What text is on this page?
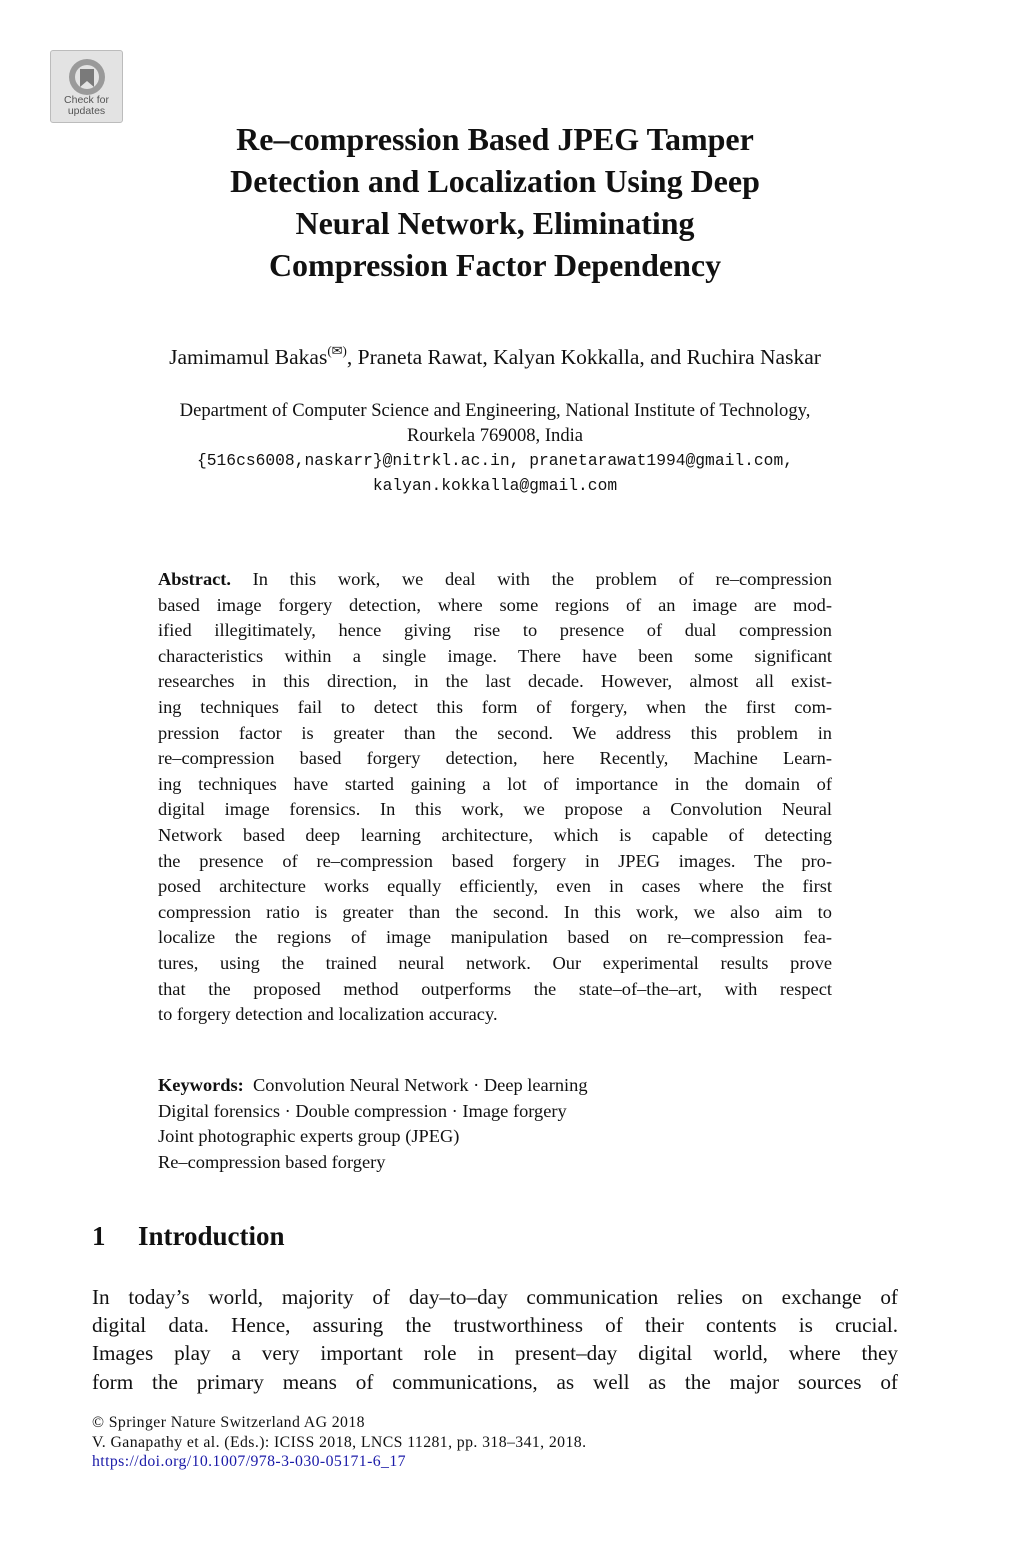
Check for
updates
Re–compression Based JPEG Tamper
Detection and Localization Using Deep
Neural Network, Eliminating
Compression Factor Dependency
Jamimamul Bakas(✉), Praneta Rawat, Kalyan Kokkalla, and Ruchira Naskar
Department of Computer Science and Engineering, National Institute of Technology,
Rourkela 769008, India
{516cs6008,naskarr}@nitrkl.ac.in, pranetarawat1994@gmail.com,
kalyan.kokkalla@gmail.com
Abstract. In this work, we deal with the problem of re–compression
based image forgery detection, where some regions of an image are mod-
ified illegitimately, hence giving rise to presence of dual compression
characteristics within a single image. There have been some significant
researches in this direction, in the last decade. However, almost all exist-
ing techniques fail to detect this form of forgery, when the first com-
pression factor is greater than the second. We address this problem in
re–compression based forgery detection, here Recently, Machine Learn-
ing techniques have started gaining a lot of importance in the domain of
digital image forensics. In this work, we propose a Convolution Neural
Network based deep learning architecture, which is capable of detecting
the presence of re–compression based forgery in JPEG images. The pro-
posed architecture works equally efficiently, even in cases where the first
compression ratio is greater than the second. In this work, we also aim to
localize the regions of image manipulation based on re–compression fea-
tures, using the trained neural network. Our experimental results prove
that the proposed method outperforms the state–of–the–art, with respect
to forgery detection and localization accuracy.
Keywords: Convolution Neural Network · Deep learning
Digital forensics · Double compression · Image forgery
Joint photographic experts group (JPEG)
Re–compression based forgery
1 Introduction
In today’s world, majority of day–to–day communication relies on exchange of
digital data. Hence, assuring the trustworthiness of their contents is crucial.
Images play a very important role in present–day digital world, where they
form the primary means of communications, as well as the major sources of
© Springer Nature Switzerland AG 2018
V. Ganapathy et al. (Eds.): ICISS 2018, LNCS 11281, pp. 318–341, 2018.
https://doi.org/10.1007/978-3-030-05171-6_17
